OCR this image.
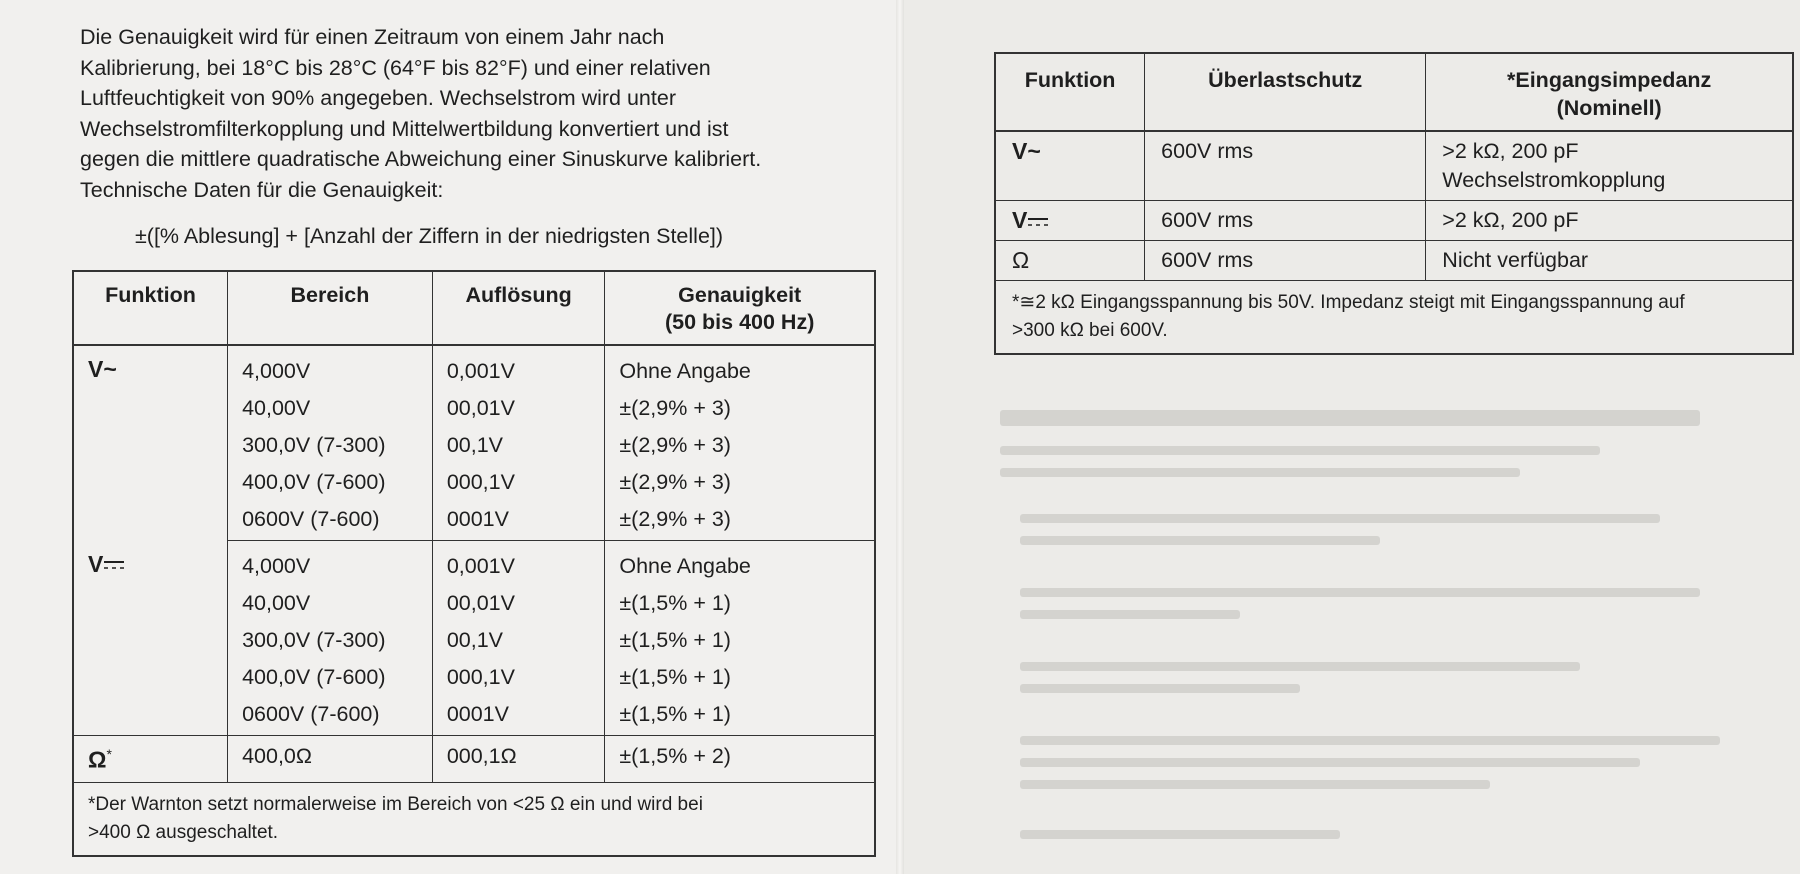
Die Genauigkeit wird für einen Zeitraum von einem Jahr nach

Kalibrierung, bei 18°C bis 28°C (64°F bis 82°F) und einer relativen

Luftfeuchtigkeit von 90% angegeben. Wechselstrom wird unter

Wechselstromfilterkopplung und Mittelwertbildung konvertiert und ist

gegen die mittlere quadratische Abweichung einer Sinuskurve kalibriert.

Technische Daten für die Genauigkeit:

±([% Ablesung] + [Anzahl der Ziffern in der niedrigsten Stelle])
Funktion	Bereich	Auflösung	Genauigkeit
(50 bis 400 Hz)
V~	4,000V	0,001V	Ohne Angabe
	40,00V	00,01V	±(2,9% + 3)
	300,0V (7-300)	00,1V	±(2,9% + 3)
	400,0V (7-600)	000,1V	±(2,9% + 3)
	0600V (7-600)	0001V	±(2,9% + 3)
V	4,000V	0,001V	Ohne Angabe
	40,00V	00,01V	±(1,5% + 1)
	300,0V (7-300)	00,1V	±(1,5% + 1)
	400,0V (7-600)	000,1V	±(1,5% + 1)
	0600V (7-600)	0001V	±(1,5% + 1)
Ω*	400,0Ω	000,1Ω	±(1,5% + 2)
*Der Warnton setzt normalerweise im Bereich von <25 Ω ein und wird bei
>400 Ω ausgeschaltet.			
Funktion	Überlastschutz	*Eingangsimpedanz
(Nominell)
V~	600V rms	>2 kΩ, 200 pF
Wechselstromkopplung
V	600V rms	>2 kΩ, 200 pF
Ω	600V rms	Nicht verfügbar
*≅2 kΩ Eingangsspannung bis 50V. Impedanz steigt mit Eingangsspannung auf
>300 kΩ bei 600V.		
